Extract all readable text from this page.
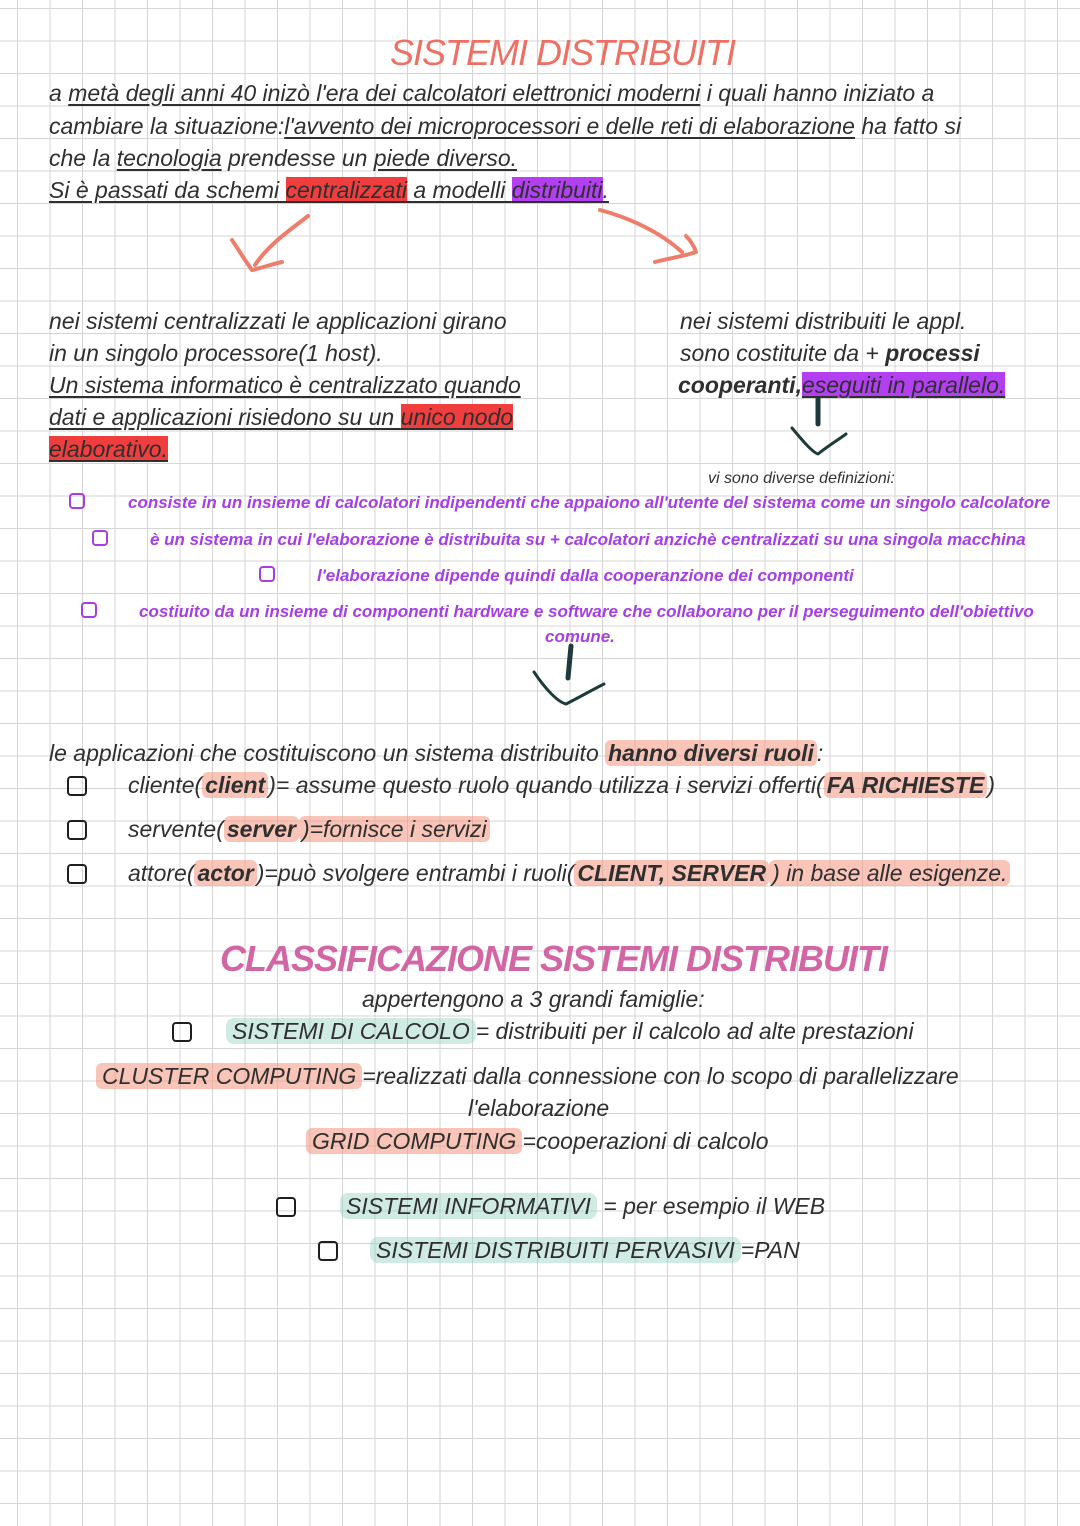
SISTEMI DISTRIBUITI
a metà degli anni 40 inizò l'era dei calcolatori elettronici moderni i quali hanno iniziato a
cambiare la situazione:l'avvento dei microprocessori e delle reti di elaborazione ha fatto si
che la tecnologia prendesse un piede diverso.
Si è passati da schemi centralizzati a modelli distribuiti.
nei sistemi centralizzati le applicazioni girano
in un singolo processore(1 host).
Un sistema informatico è centralizzato quando
dati e applicazioni risiedono su un unico nodo
elaborativo.
nei sistemi distribuiti le appl.
sono costituite da + processi
cooperanti,eseguiti in parallelo.
vi sono diverse definizioni:
consiste in un insieme di calcolatori indipendenti che appaiono all'utente del sistema come un singolo calcolatore
è un sistema in cui l'elaborazione è distribuita su + calcolatori anzichè centralizzati su una singola macchina
l'elaborazione dipende quindi dalla cooperanzione dei componenti
costiuito da un insieme di componenti hardware e software che collaborano per il perseguimento dell'obiettivo
comune.
le applicazioni che costituiscono un sistema distribuito hanno diversi ruoli :
cliente( client )= assume questo ruolo quando utilizza i servizi offerti( FA RICHIESTE )
servente( server )=fornisce i servizi
attore( actor )=può svolgere entrambi i ruoli( CLIENT, SERVER ) in base alle esigenze.
CLASSIFICAZIONE SISTEMI DISTRIBUITI
appertengono a 3 grandi famiglie:
SISTEMI DI CALCOLO = distribuiti per il calcolo ad alte prestazioni
CLUSTER COMPUTING =realizzati dalla connessione con lo scopo di parallelizzare
l'elaborazione
GRID COMPUTING =cooperazioni di calcolo
SISTEMI INFORMATIVI = per esempio il WEB
SISTEMI DISTRIBUITI PERVASIVI =PAN
